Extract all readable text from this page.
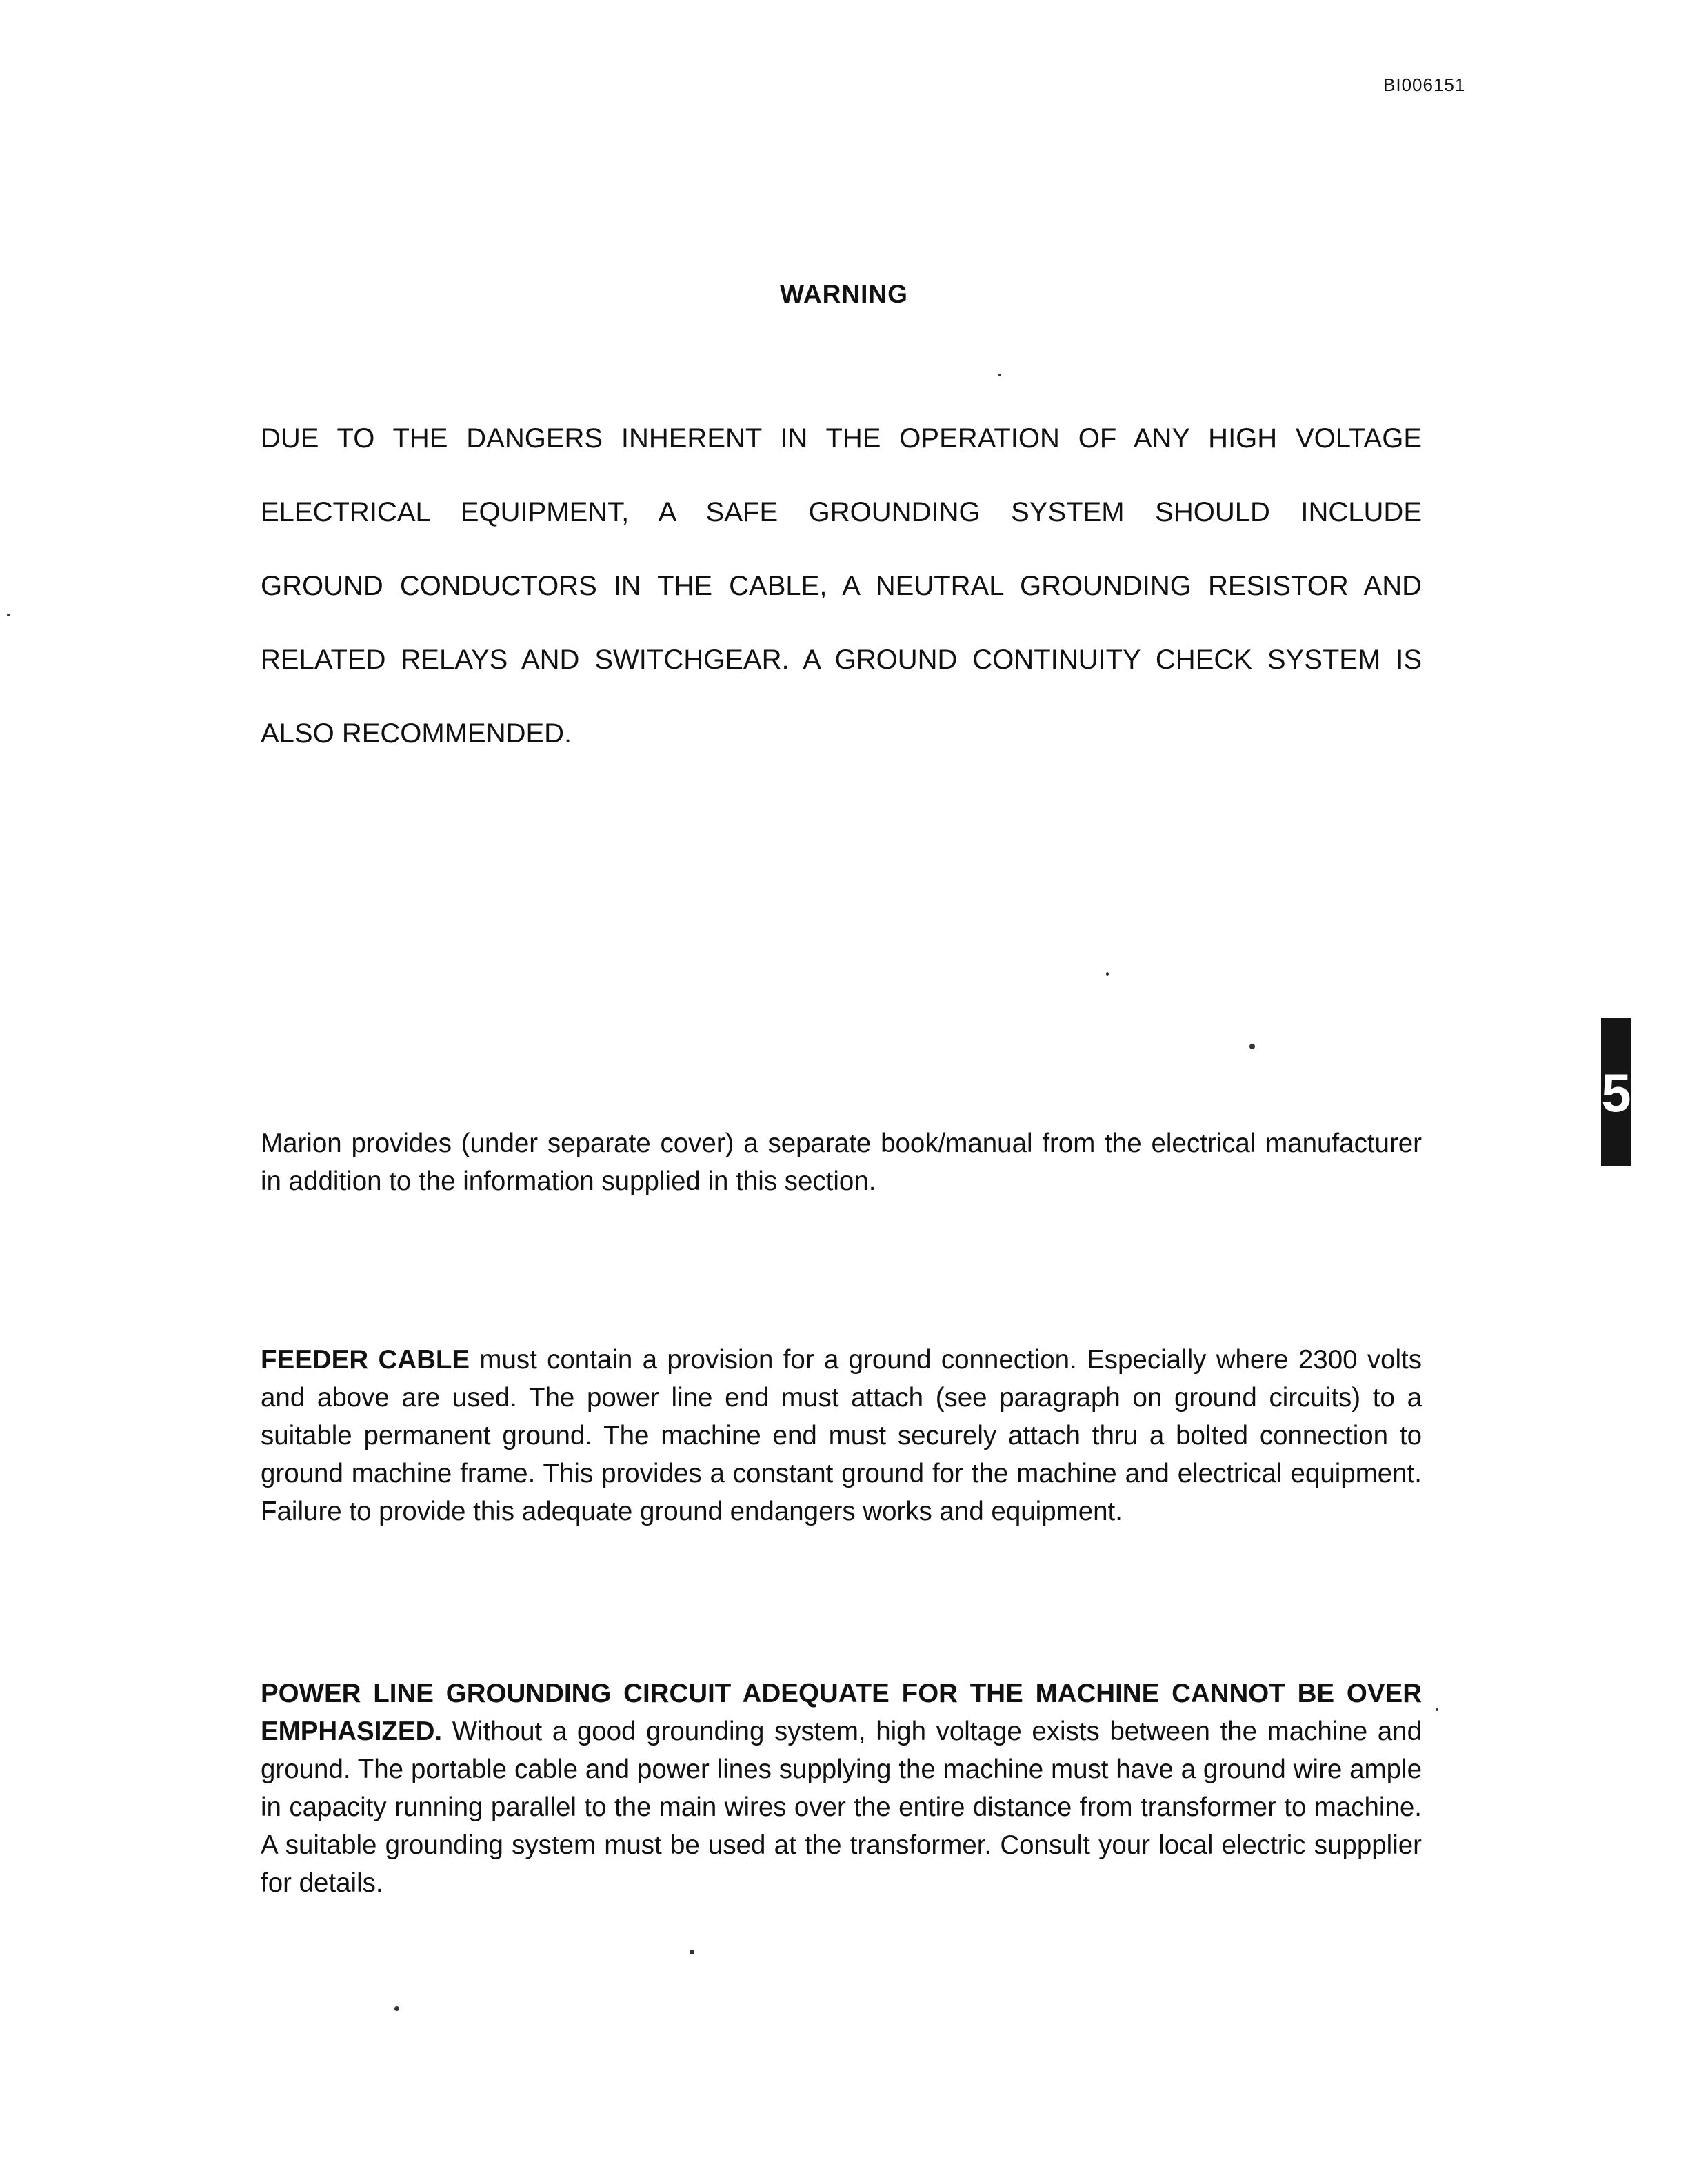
BI006151
WARNING
DUE TO THE DANGERS INHERENT IN THE OPERATION OF ANY HIGH VOLTAGE
ELECTRICAL EQUIPMENT, A SAFE GROUNDING SYSTEM SHOULD INCLUDE
GROUND CONDUCTORS IN THE CABLE, A NEUTRAL GROUNDING RESISTOR AND
RELATED RELAYS AND SWITCHGEAR. A GROUND CONTINUITY CHECK SYSTEM IS
ALSO RECOMMENDED.

Marion provides (under separate cover) a separate book/manual from the electrical manufacturer in addition to the information supplied in this section.

FEEDER CABLE must contain a provision for a ground connection. Especially where 2300 volts and above are used. The power line end must attach (see paragraph on ground circuits) to a suitable permanent ground. The machine end must securely attach thru a bolted connection to ground machine frame. This provides a constant ground for the machine and electrical equipment. Failure to provide this adequate ground endangers works and equipment.

POWER LINE GROUNDING CIRCUIT ADEQUATE FOR THE MACHINE CANNOT BE OVER EMPHASIZED. Without a good grounding system, high voltage exists between the machine and ground. The portable cable and power lines supplying the machine must have a ground wire ample in capacity running parallel to the main wires over the entire distance from transformer to machine. A suitable grounding system must be used at the transformer. Consult your local electric suppplier for details.

5
